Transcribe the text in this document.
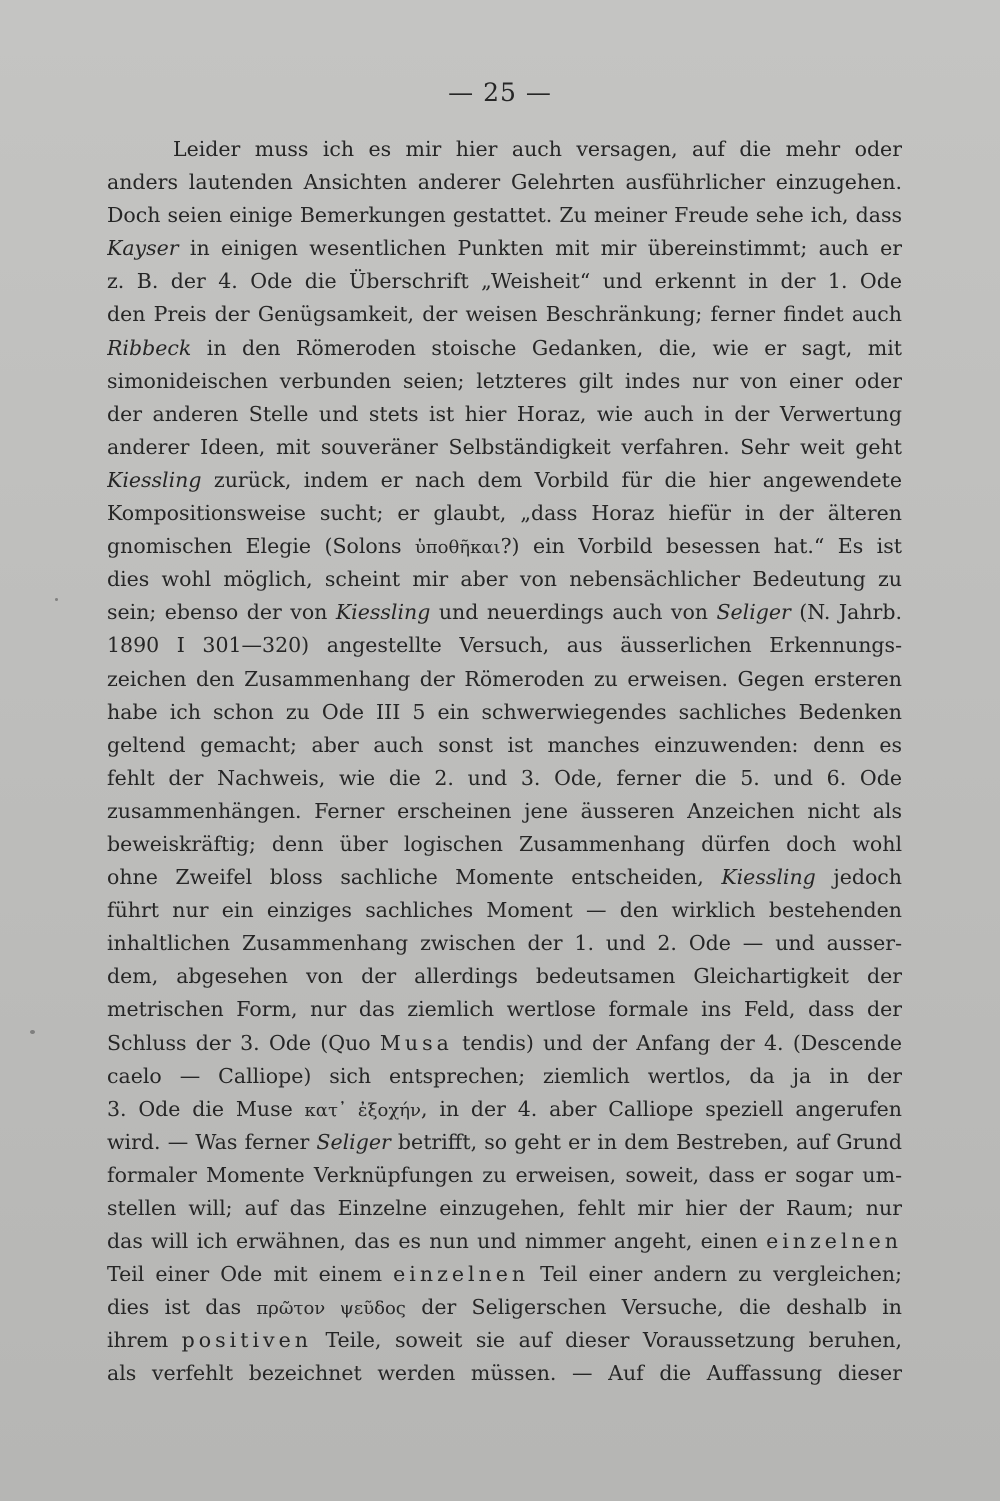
— 25 —
Leider muss ich es mir hier auch versagen, auf die mehr oder
anders lautenden Ansichten anderer Gelehrten ausführlicher einzugehen.
Doch seien einige Bemerkungen gestattet. Zu meiner Freude sehe ich, dass
Kayser in einigen wesentlichen Punkten mit mir übereinstimmt; auch er
z. B. der 4. Ode die Überschrift „Weisheit“ und erkennt in der 1. Ode
den Preis der Genügsamkeit, der weisen Beschränkung; ferner findet auch
Ribbeck in den Römeroden stoische Gedanken, die, wie er sagt, mit
simonideischen verbunden seien; letzteres gilt indes nur von einer oder
der anderen Stelle und stets ist hier Horaz, wie auch in der Verwertung
anderer Ideen, mit souveräner Selbständigkeit verfahren. Sehr weit geht
Kiessling zurück, indem er nach dem Vorbild für die hier angewendete
Kompositionsweise sucht; er glaubt, „dass Horaz hiefür in der älteren
gnomischen Elegie (Solons ὑποθῆκαι?) ein Vorbild besessen hat.“ Es ist
dies wohl möglich, scheint mir aber von nebensächlicher Bedeutung zu
sein; ebenso der von Kiessling und neuerdings auch von Seliger (N. Jahrb.
1890 I 301—320) angestellte Versuch, aus äusserlichen Erkennungs-
zeichen den Zusammenhang der Römeroden zu erweisen. Gegen ersteren
habe ich schon zu Ode III 5 ein schwerwiegendes sachliches Bedenken
geltend gemacht; aber auch sonst ist manches einzuwenden: denn es
fehlt der Nachweis, wie die 2. und 3. Ode, ferner die 5. und 6. Ode
zusammenhängen. Ferner erscheinen jene äusseren Anzeichen nicht als
beweiskräftig; denn über logischen Zusammenhang dürfen doch wohl
ohne Zweifel bloss sachliche Momente entscheiden, Kiessling jedoch
führt nur ein einziges sachliches Moment — den wirklich bestehenden
inhaltlichen Zusammenhang zwischen der 1. und 2. Ode — und ausser-
dem, abgesehen von der allerdings bedeutsamen Gleichartigkeit der
metrischen Form, nur das ziemlich wertlose formale ins Feld, dass der
Schluss der 3. Ode (Quo Musa tendis) und der Anfang der 4. (Descende
caelo — Calliope) sich entsprechen; ziemlich wertlos, da ja in der
3. Ode die Muse κατ᾿ ἐξοχήν, in der 4. aber Calliope speziell angerufen
wird. — Was ferner Seliger betrifft, so geht er in dem Bestreben, auf Grund
formaler Momente Verknüpfungen zu erweisen, soweit, dass er sogar um-
stellen will; auf das Einzelne einzugehen, fehlt mir hier der Raum; nur
das will ich erwähnen, das es nun und nimmer angeht, einen einzelnen
Teil einer Ode mit einem einzelnen Teil einer andern zu vergleichen;
dies ist das πρῶτον ψεῦδος der Seligerschen Versuche, die deshalb in
ihrem positiven Teile, soweit sie auf dieser Voraussetzung beruhen,
als verfehlt bezeichnet werden müssen. — Auf die Auffassung dieser
